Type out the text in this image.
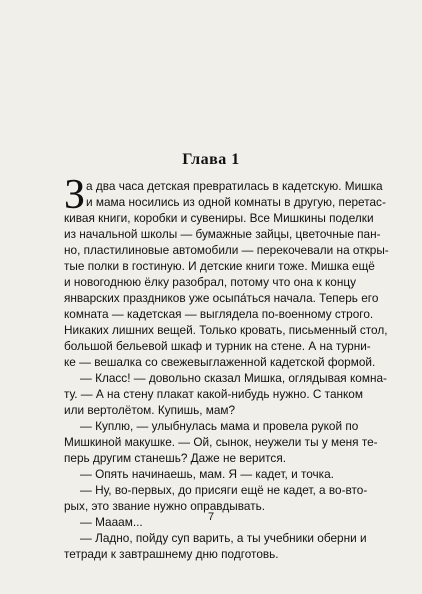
Глава 1
З а два часа детская превратилась в кадетскую. Мишка
и мама носились из одной комнаты в другую, перетас-
кивая книги, коробки и сувениры. Все Мишкины поделки
из начальной школы — бумажные зайцы, цветочные пан-
но, пластилиновые автомобили — перекочевали на откры-
тые полки в гостиную. И детские книги тоже. Мишка ещё
и новогоднюю ёлку разобрал, потому что она к концу
январских праздников уже осыпа́ться начала. Теперь его
комната — кадетская — выглядела по-военному строго.
Никаких лишних вещей. Только кровать, письменный стол,
большой бельевой шкаф и турник на стене. А на турни-
ке — вешалка со свежевыглаженной кадетской формой.
— Класс! — довольно сказал Мишка, оглядывая комна-
ту. — А на стену плакат какой-нибудь нужно. С танком
или вертолётом. Купишь, мам?
— Куплю, — улыбнулась мама и провела рукой по
Мишкиной макушке. — Ой, сынок, неужели ты у меня те-
перь другим станешь? Даже не верится.
— Опять начинаешь, мам. Я — кадет, и точка.
— Ну, во-первых, до присяги ещё не кадет, а во-вто-
рых, это звание нужно оправдывать.
— Мааам...
— Ладно, пойду суп варить, а ты учебники оберни и
тетради к завтрашнему дню подготовь.
7
